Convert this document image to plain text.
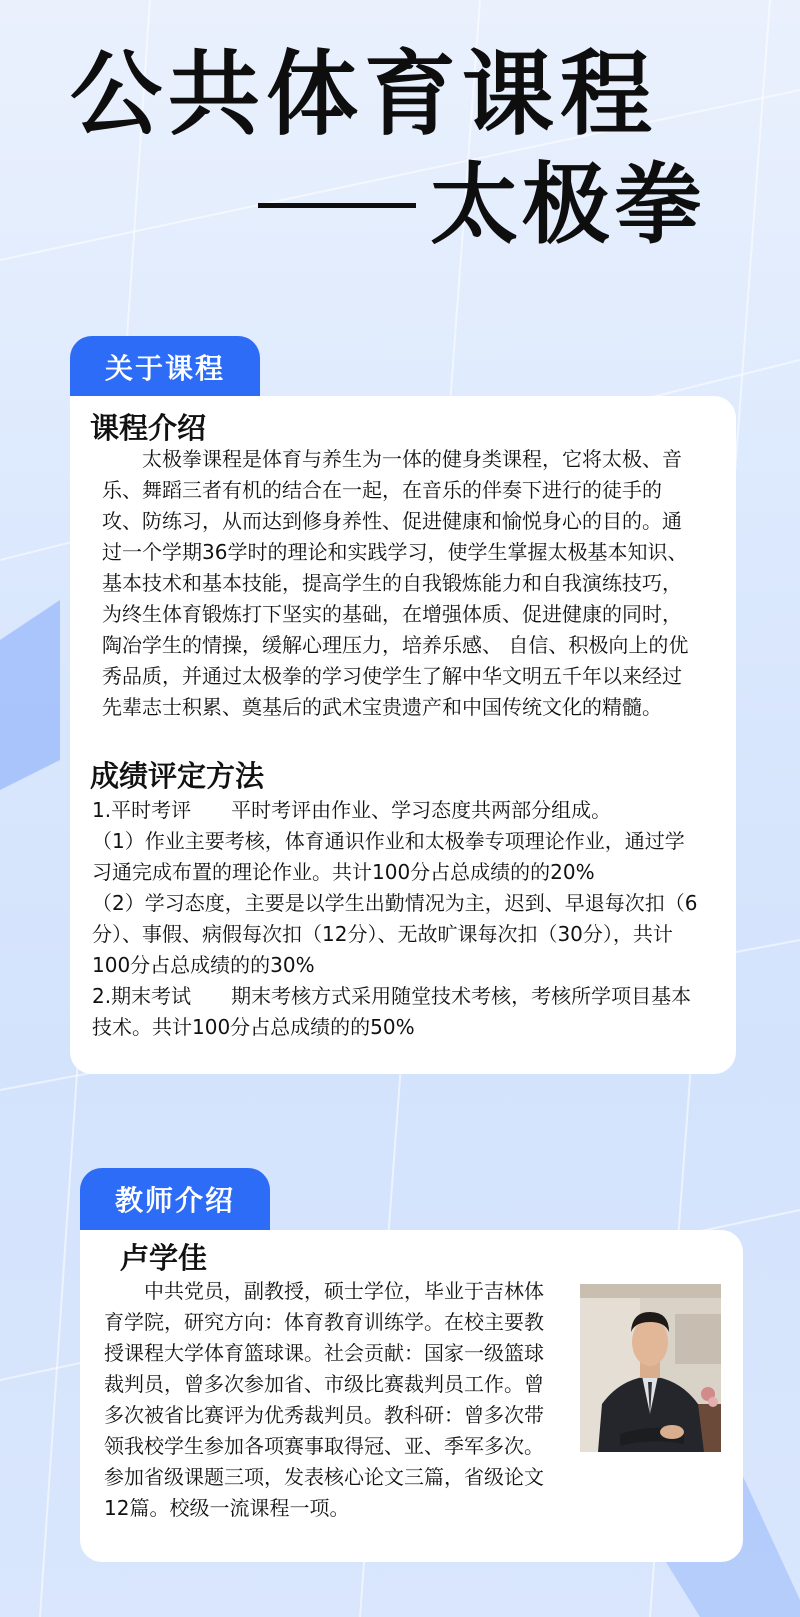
公共体育课程
太极拳
关于课程
课程介绍

太极拳课程是体育与养生为一体的健身类课程，它将太极、音乐、舞蹈三者有机的结合在一起，在音乐的伴奏下进行的徒手的攻、防练习，从而达到修身养性、促进健康和愉悦身心的目的。通过一个学期36学时的理论和实践学习，使学生掌握太极基本知识、基本技术和基本技能，提高学生的自我锻炼能力和自我演练技巧，为终生体育锻炼打下坚实的基础，在增强体质、促进健康的同时，陶冶学生的情操，缓解心理压力，培养乐感、 自信、积极向上的优秀品质，并通过太极拳的学习使学生了解中华文明五千年以来经过先辈志士积累、奠基后的武术宝贵遗产和中国传统文化的精髓。

成绩评定方法

1.平时考评　　平时考评由作业、学习态度共两部分组成。

（1）作业主要考核，体育通识作业和太极拳专项理论作业，通过学习通完成布置的理论作业。共计100分占总成绩的的20%

（2）学习态度，主要是以学生出勤情况为主，迟到、早退每次扣（6分）、事假、病假每次扣（12分）、无故旷课每次扣（30分），共计100分占总成绩的的30%

2.期末考试　　期末考核方式采用随堂技术考核，考核所学项目基本技术。共计100分占总成绩的的50%

教师介绍
卢学佳

中共党员，副教授，硕士学位，毕业于吉林体育学院，研究方向：体育教育训练学。在校主要教授课程大学体育篮球课。社会贡献：国家一级篮球裁判员，曾多次参加省、市级比赛裁判员工作。曾多次被省比赛评为优秀裁判员。教科研：曾多次带领我校学生参加各项赛事取得冠、亚、季军多次。参加省级课题三项，发表核心论文三篇，省级论文12篇。校级一流课程一项。
